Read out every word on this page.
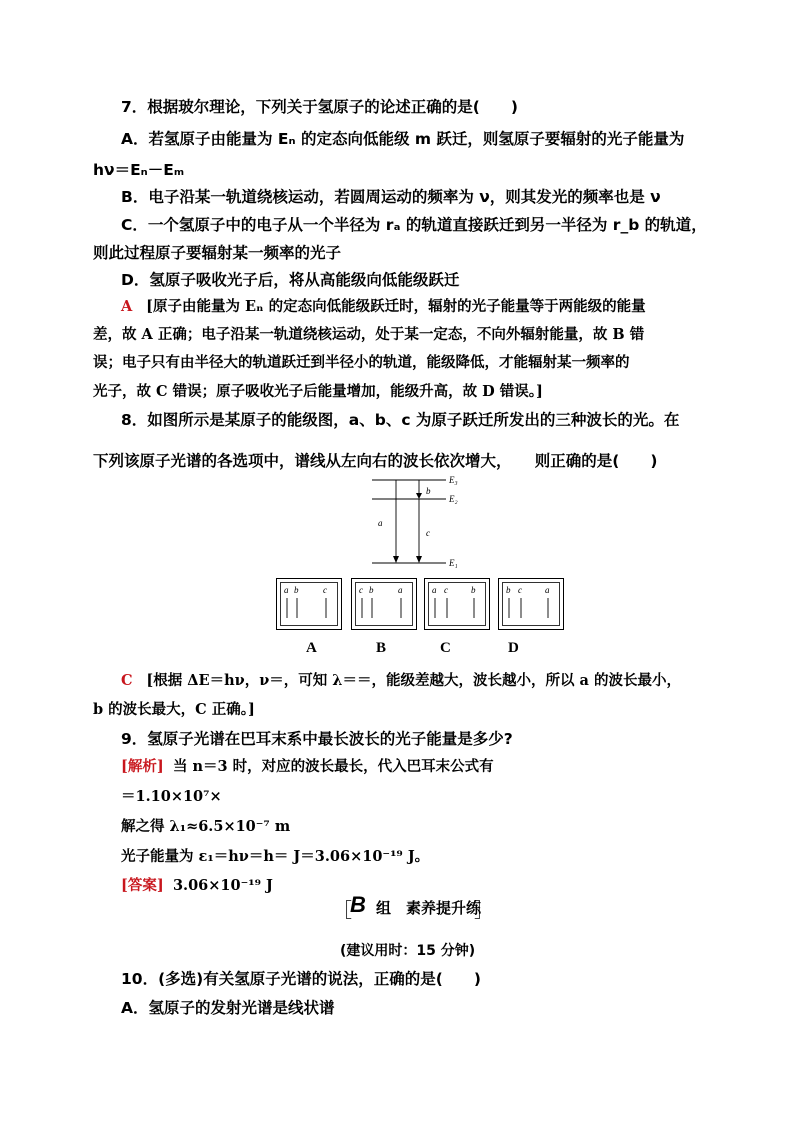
7．根据玻尔理论，下列关于氢原子的论述正确的是(　　)
A．若氢原子由能量为 Eₙ 的定态向低能级 m 跃迁，则氢原子要辐射的光子能量为
hν＝Eₙ－Eₘ
B．电子沿某一轨道绕核运动，若圆周运动的频率为 ν，则其发光的频率也是 ν
C．一个氢原子中的电子从一个半径为 rₐ 的轨道直接跃迁到另一半径为 r_b 的轨道，
则此过程原子要辐射某一频率的光子
D．氢原子吸收光子后，将从高能级向低能级跃迁
A [原子由能量为 Eₙ 的定态向低能级跃迁时，辐射的光子能量等于两能级的能量
差，故 A 正确；电子沿某一轨道绕核运动，处于某一定态，不向外辐射能量，故 B 错
误；电子只有由半径大的轨道跃迁到半径小的轨道，能级降低，才能辐射某一频率的
光子，故 C 错误；原子吸收光子后能量增加，能级升高，故 D 错误。]
8．如图所示是某原子的能级图，a、b、c 为原子跃迁所发出的三种波长的光。在
下列该原子光谱的各选项中，谱线从左向右的波长依次增大，　　则正确的是(　　)
E₃
E₂
E₁
a
b
c
a b	c	c b	a	a c	b	b c	a
A	B	C	D
C [根据 ΔE＝hν，ν＝，可知 λ＝＝，能级差越大，波长越小，所以 a 的波长最小，
b 的波长最大，C 正确。]
9．氢原子光谱在巴耳末系中最长波长的光子能量是多少?
[解析] 当 n＝3 时，对应的波长最长，代入巴耳末公式有
＝1.10×10⁷×
解之得 λ₁≈6.5×10⁻⁷ m
光子能量为 ε₁＝hν＝h＝ J＝3.06×10⁻¹⁹ J。
[答案] 3.06×10⁻¹⁹ J
［
B 组　素养提升练
］
(建议用时：15 分钟)
10．(多选)有关氢原子光谱的说法，正确的是(　　)
A．氢原子的发射光谱是线状谱
